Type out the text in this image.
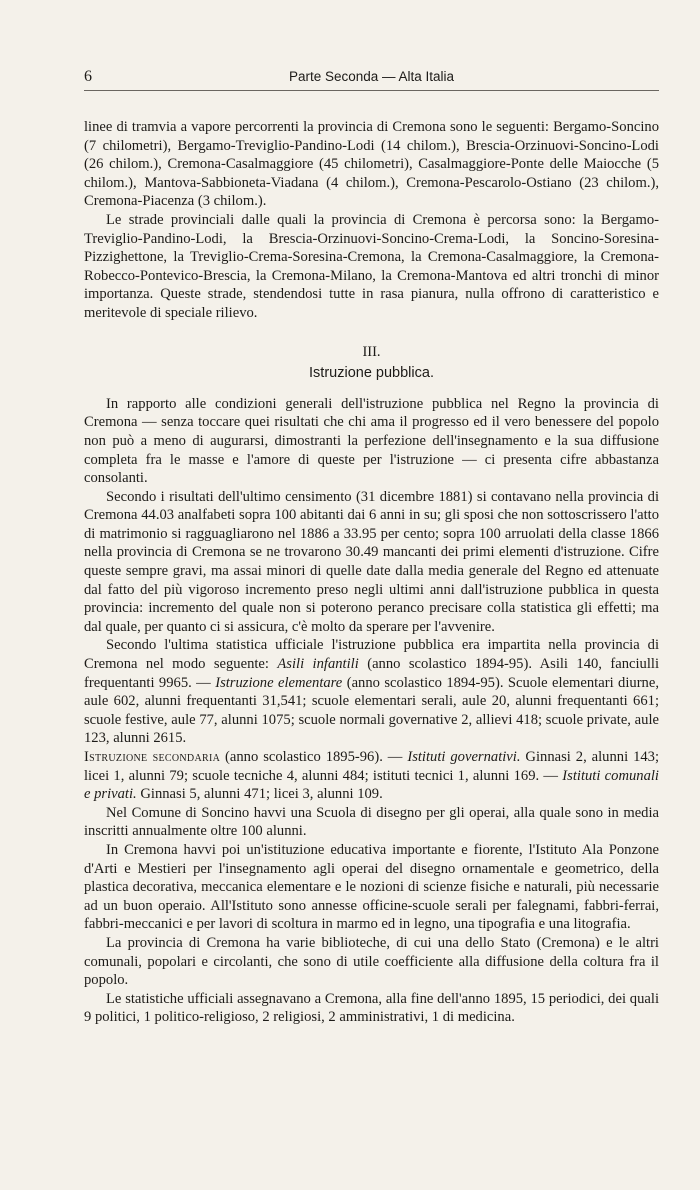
6	Parte Seconda — Alta Italia

linee di tramvia a vapore percorrenti la provincia di Cremona sono le seguenti: Bergamo-Soncino (7 chilometri), Bergamo-Treviglio-Pandino-Lodi (14 chilom.), Brescia-Orzinuovi-Soncino-Lodi (26 chilom.), Cremona-Casalmaggiore (45 chilometri), Casalmaggiore-Ponte delle Maiocche (5 chilom.), Mantova-Sabbioneta-Viadana (4 chilom.), Cremona-Pescarolo-Ostiano (23 chilom.), Cremona-Piacenza (3 chilom.).

Le strade provinciali dalle quali la provincia di Cremona è percorsa sono: la Bergamo-Treviglio-Pandino-Lodi, la Brescia-Orzinuovi-Soncino-Crema-Lodi, la Soncino-Soresina-Pizzighettone, la Treviglio-Crema-Soresina-Cremona, la Cremona-Casalmaggiore, la Cremona-Robecco-Pontevico-Brescia, la Cremona-Milano, la Cremona-Mantova ed altri tronchi di minor importanza. Queste strade, stendendosi tutte in rasa pianura, nulla offrono di caratteristico e meritevole di speciale rilievo.

III.
Istruzione pubblica.

In rapporto alle condizioni generali dell'istruzione pubblica nel Regno la provincia di Cremona — senza toccare quei risultati che chi ama il progresso ed il vero benessere del popolo non può a meno di augurarsi, dimostranti la perfezione dell'insegnamento e la sua diffusione completa fra le masse e l'amore di queste per l'istruzione — ci presenta cifre abbastanza consolanti.

Secondo i risultati dell'ultimo censimento (31 dicembre 1881) si contavano nella provincia di Cremona 44.03 analfabeti sopra 100 abitanti dai 6 anni in su; gli sposi che non sottoscrissero l'atto di matrimonio si ragguagliarono nel 1886 a 33.95 per cento; sopra 100 arruolati della classe 1866 nella provincia di Cremona se ne trovarono 30.49 mancanti dei primi elementi d'istruzione. Cifre queste sempre gravi, ma assai minori di quelle date dalla media generale del Regno ed attenuate dal fatto del più vigoroso incremento preso negli ultimi anni dall'istruzione pubblica in questa provincia: incremento del quale non si poterono peranco precisare colla statistica gli effetti; ma dal quale, per quanto ci si assicura, c'è molto da sperare per l'avvenire.

Secondo l'ultima statistica ufficiale l'istruzione pubblica era impartita nella provincia di Cremona nel modo seguente: Asili infantili (anno scolastico 1894-95). Asili 140, fanciulli frequentanti 9965. — Istruzione elementare (anno scolastico 1894-95). Scuole elementari diurne, aule 602, alunni frequentanti 31,541; scuole elementari serali, aule 20, alunni frequentanti 661; scuole festive, aule 77, alunni 1075; scuole normali governative 2, allievi 418; scuole private, aule 123, alunni 2615.

Istruzione secondaria (anno scolastico 1895-96). — Istituti governativi. Ginnasi 2, alunni 143; licei 1, alunni 79; scuole tecniche 4, alunni 484; istituti tecnici 1, alunni 169. — Istituti comunali e privati. Ginnasi 5, alunni 471; licei 3, alunni 109.

Nel Comune di Soncino havvi una Scuola di disegno per gli operai, alla quale sono in media inscritti annualmente oltre 100 alunni.

In Cremona havvi poi un'istituzione educativa importante e fiorente, l'Istituto Ala Ponzone d'Arti e Mestieri per l'insegnamento agli operai del disegno ornamentale e geometrico, della plastica decorativa, meccanica elementare e le nozioni di scienze fisiche e naturali, più necessarie ad un buon operaio. All'Istituto sono annesse officine-scuole serali per falegnami, fabbri-ferrai, fabbri-meccanici e per lavori di scoltura in marmo ed in legno, una tipografia e una litografia.

La provincia di Cremona ha varie biblioteche, di cui una dello Stato (Cremona) e le altri comunali, popolari e circolanti, che sono di utile coefficiente alla diffusione della coltura fra il popolo.

Le statistiche ufficiali assegnavano a Cremona, alla fine dell'anno 1895, 15 periodici, dei quali 9 politici, 1 politico-religioso, 2 religiosi, 2 amministrativi, 1 di medicina.
